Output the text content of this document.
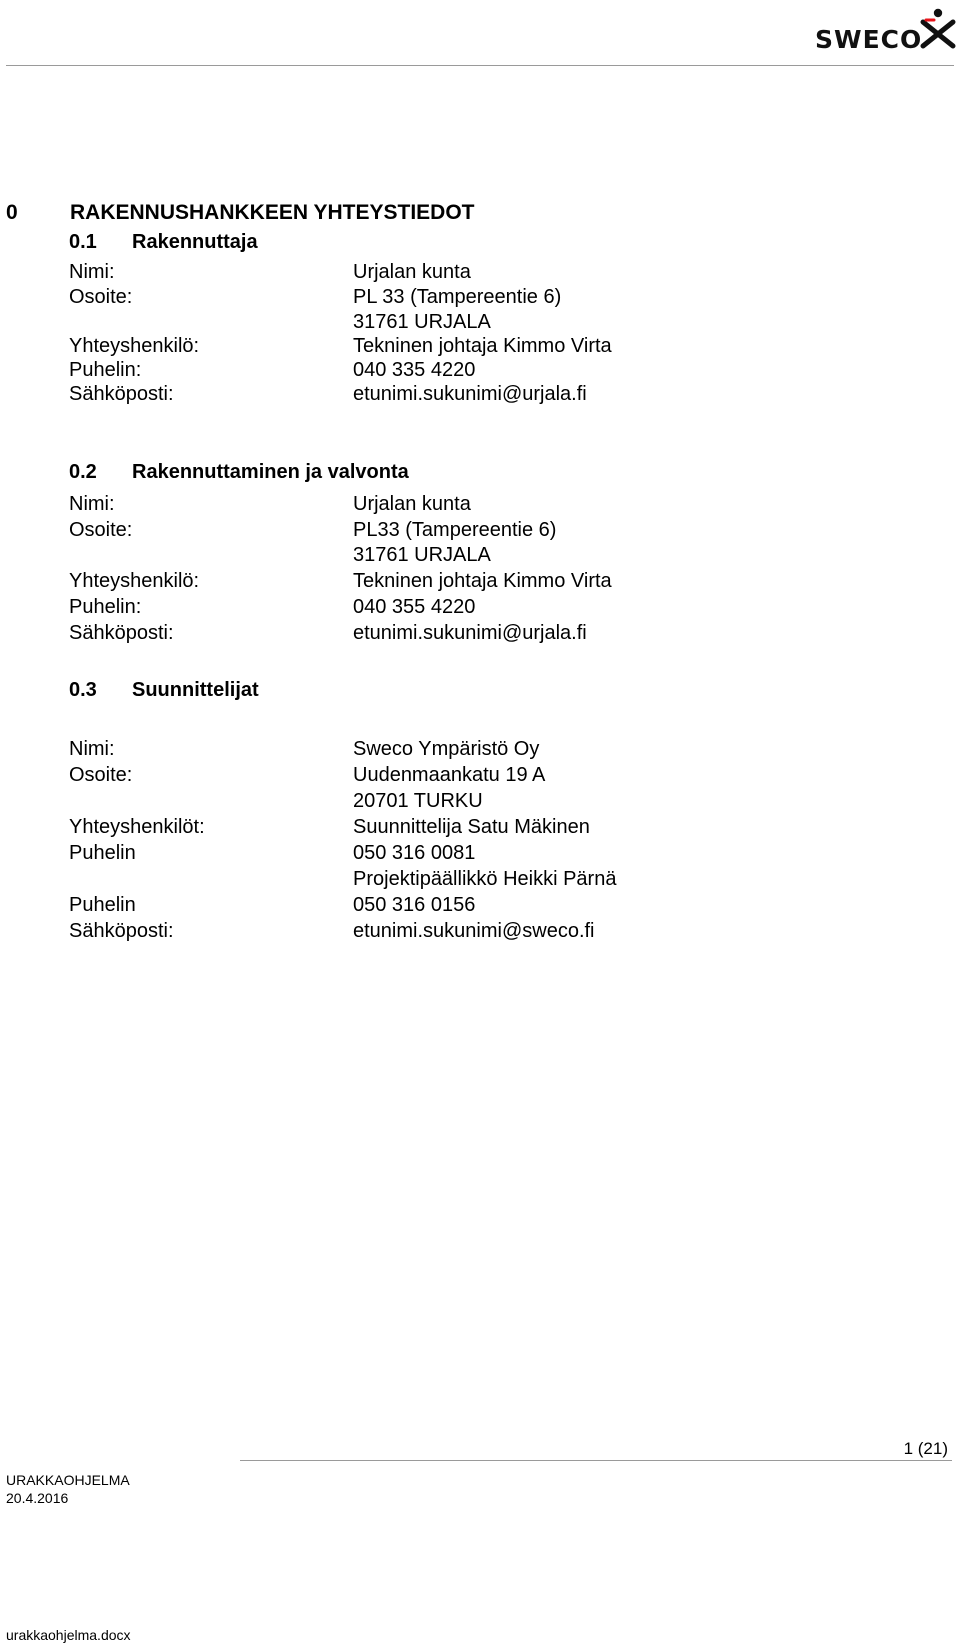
SWECO
0 RAKENNUSHANKKEEN YHTEYSTIEDOT
0.1 Rakennuttaja
Nimi:	Urjalan kunta
Osoite:	PL 33 (Tampereentie 6)
31761 URJALA
Yhteyshenkilö:	Tekninen johtaja Kimmo Virta
Puhelin:	040 335 4220
Sähköposti:	etunimi.sukunimi@urjala.fi
0.2 Rakennuttaminen ja valvonta
Nimi:	Urjalan kunta
Osoite:	PL33 (Tampereentie 6)
31761 URJALA
Yhteyshenkilö:	Tekninen johtaja Kimmo Virta
Puhelin:	040 355 4220
Sähköposti:	etunimi.sukunimi@urjala.fi
0.3 Suunnittelijat
Nimi:	Sweco Ympäristö Oy
Osoite:	Uudenmaankatu 19 A
20701 TURKU
Yhteyshenkilöt:	Suunnittelija Satu Mäkinen
Puhelin	050 316 0081
Projektipäällikkö Heikki Pärnä
Puhelin	050 316 0156
Sähköposti:	etunimi.sukunimi@sweco.fi
1 (21)
URAKKAOHJELMA
20.4.2016
urakkaohjelma.docx
